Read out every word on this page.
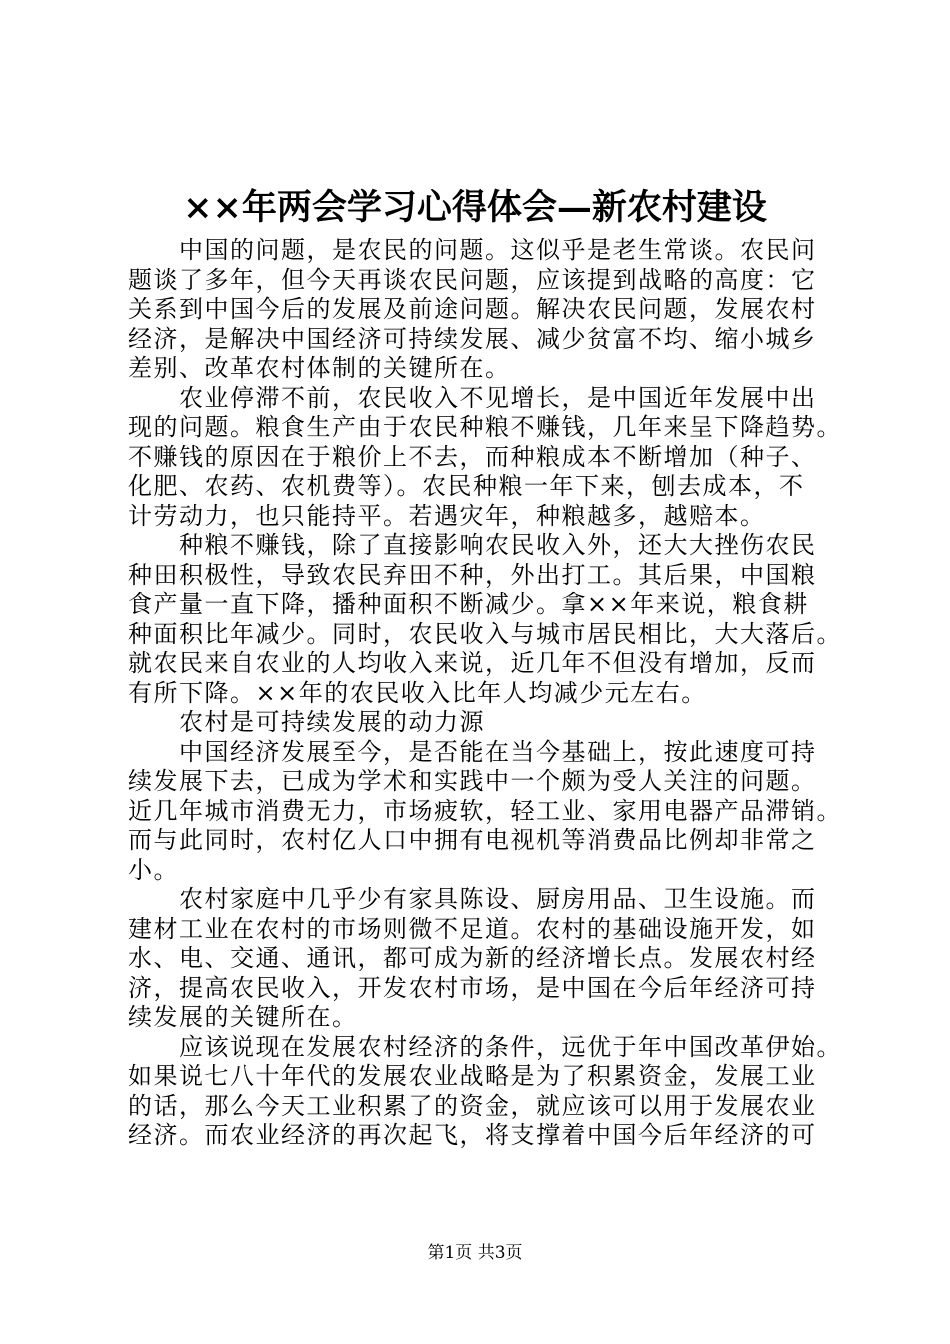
××年两会学习心得体会—新农村建设
　　中国的问题，是农民的问题。这似乎是老生常谈。农民问
题谈了多年，但今天再谈农民问题，应该提到战略的高度：它
关系到中国今后的发展及前途问题。解决农民问题，发展农村
经济，是解决中国经济可持续发展、减少贫富不均、缩小城乡
差别、改革农村体制的关键所在。
　　农业停滞不前，农民收入不见增长，是中国近年发展中出
现的问题。粮食生产由于农民种粮不赚钱，几年来呈下降趋势。
不赚钱的原因在于粮价上不去，而种粮成本不断增加（种子、
化肥、农药、农机费等）。农民种粮一年下来，刨去成本，不
计劳动力，也只能持平。若遇灾年，种粮越多，越赔本。
　　种粮不赚钱，除了直接影响农民收入外，还大大挫伤农民
种田积极性，导致农民弃田不种，外出打工。其后果，中国粮
食产量一直下降，播种面积不断减少。拿××年来说，粮食耕
种面积比年减少。同时，农民收入与城市居民相比，大大落后。
就农民来自农业的人均收入来说，近几年不但没有增加，反而
有所下降。××年的农民收入比年人均减少元左右。
　　农村是可持续发展的动力源
　　中国经济发展至今，是否能在当今基础上，按此速度可持
续发展下去，已成为学术和实践中一个颇为受人关注的问题。
近几年城市消费无力，市场疲软，轻工业、家用电器产品滞销。
而与此同时，农村亿人口中拥有电视机等消费品比例却非常之
小。
　　农村家庭中几乎少有家具陈设、厨房用品、卫生设施。而
建材工业在农村的市场则微不足道。农村的基础设施开发，如
水、电、交通、通讯，都可成为新的经济增长点。发展农村经
济，提高农民收入，开发农村市场，是中国在今后年经济可持
续发展的关键所在。
　　应该说现在发展农村经济的条件，远优于年中国改革伊始。
如果说七八十年代的发展农业战略是为了积累资金，发展工业
的话，那么今天工业积累了的资金，就应该可以用于发展农业
经济。而农业经济的再次起飞，将支撑着中国今后年经济的可
第1页 共3页
